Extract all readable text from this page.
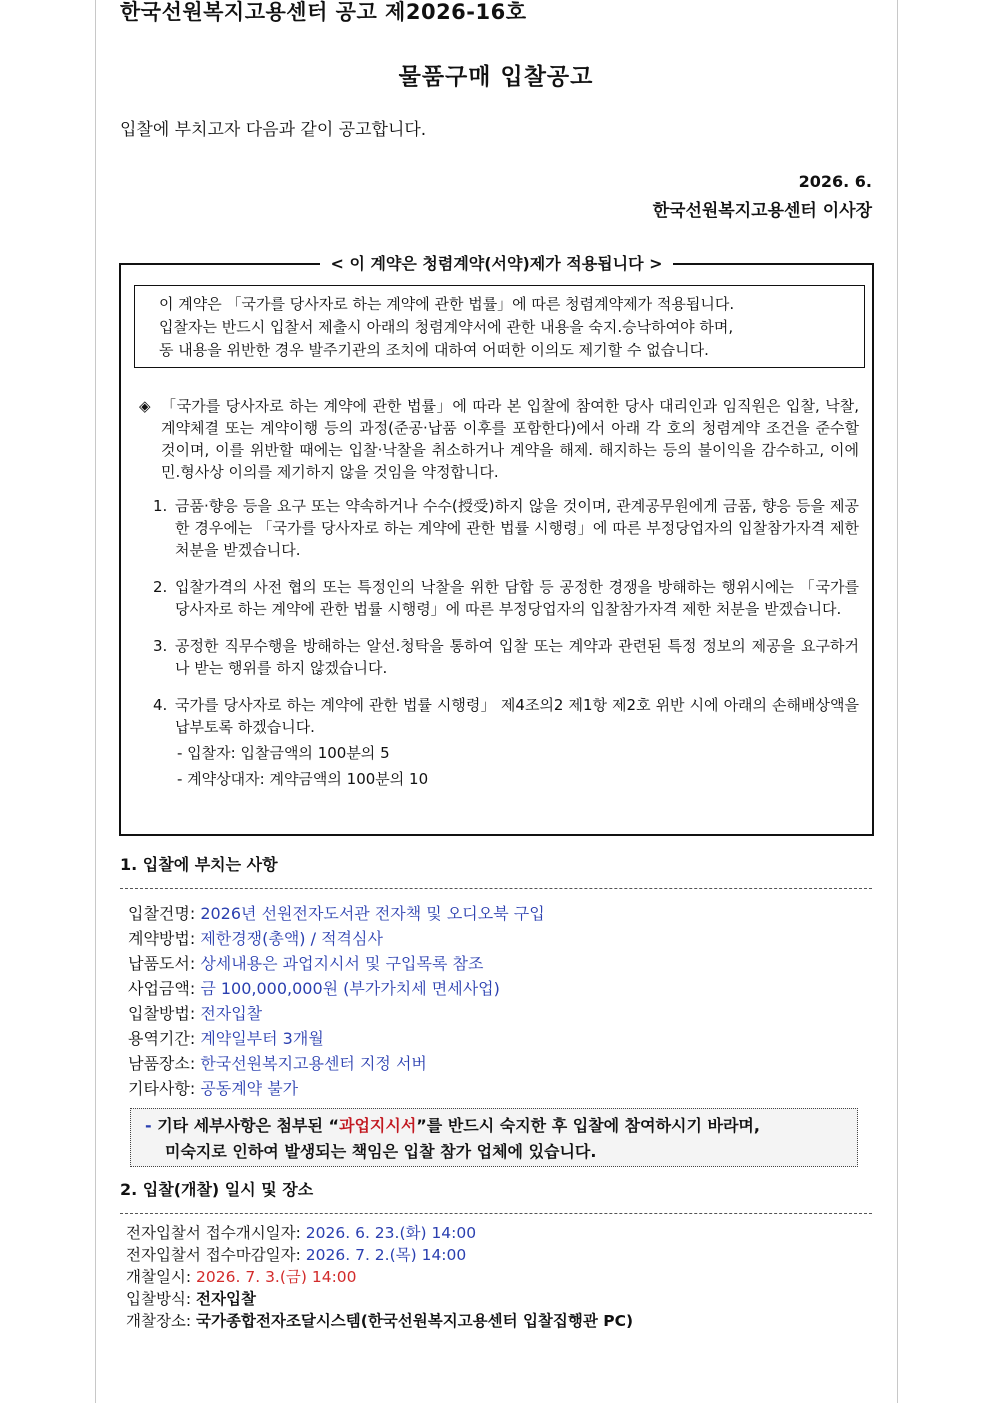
한국선원복지고용센터 공고 제2026-16호
물품구매 입찰공고
입찰에 부치고자 다음과 같이 공고합니다.
2026. 6.
한국선원복지고용센터 이사장
< 이 계약은 청렴계약(서약)제가 적용됩니다 >
이 계약은 「국가를 당사자로 하는 계약에 관한 법률」에 따른 청렴계약제가 적용됩니다.
입찰자는 반드시 입찰서 제출시 아래의 청렴계약서에 관한 내용을 숙지.승낙하여야 하며,
동 내용을 위반한 경우 발주기관의 조치에 대하여 어떠한 이의도 제기할 수 없습니다.
◈ 「국가를 당사자로 하는 계약에 관한 법률」에 따라 본 입찰에 참여한 당사 대리인과 임직원은 입찰, 낙찰, 계약체결 또는 계약이행 등의 과정(준공·납품 이후를 포함한다)에서 아래 각 호의 청렴계약 조건을 준수할 것이며, 이를 위반할 때에는 입찰·낙찰을 취소하거나 계약을 해제. 해지하는 등의 불이익을 감수하고, 이에 민.형사상 이의를 제기하지 않을 것임을 약정합니다.
1. 금품·향응 등을 요구 또는 약속하거나 수수(授受)하지 않을 것이며, 관계공무원에게 금품, 향응 등을 제공한 경우에는 「국가를 당사자로 하는 계약에 관한 법률 시행령」에 따른 부정당업자의 입찰참가자격 제한 처분을 받겠습니다.
2. 입찰가격의 사전 협의 또는 특정인의 낙찰을 위한 담합 등 공정한 경쟁을 방해하는 행위시에는 「국가를 당사자로 하는 계약에 관한 법률 시행령」에 따른 부정당업자의 입찰참가자격 제한 처분을 받겠습니다.
3. 공정한 직무수행을 방해하는 알선.청탁을 통하여 입찰 또는 계약과 관련된 특정 정보의 제공을 요구하거나 받는 행위를 하지 않겠습니다.
4. 국가를 당사자로 하는 계약에 관한 법률 시행령」 제4조의2 제1항 제2호 위반 시에 아래의 손해배상액을 납부토록 하겠습니다.
- 입찰자: 입찰금액의 100분의 5
- 계약상대자: 계약금액의 100분의 10
1. 입찰에 부치는 사항
입찰건명: 2026년 선원전자도서관 전자책 및 오디오북 구입
계약방법: 제한경쟁(총액) / 적격심사
납품도서: 상세내용은 과업지시서 및 구입목록 참조
사업금액: 금 100,000,000원 (부가가치세 면세사업)
입찰방법: 전자입찰
용역기간: 계약일부터 3개월
남품장소: 한국선원복지고용센터 지정 서버
기타사항: 공동계약 불가
- 기타 세부사항은 첨부된 “과업지시서”를 반드시 숙지한 후 입찰에 참여하시기 바라며,
미숙지로 인하여 발생되는 책임은 입찰 참가 업체에 있습니다.
2. 입찰(개찰) 일시 및 장소
전자입찰서 접수개시일자: 2026. 6. 23.(화) 14:00
전자입찰서 접수마감일자: 2026. 7. 2.(목) 14:00
개찰일시: 2026. 7. 3.(금) 14:00
입찰방식: 전자입찰
개찰장소: 국가종합전자조달시스템(한국선원복지고용센터 입찰집행관 PC)
